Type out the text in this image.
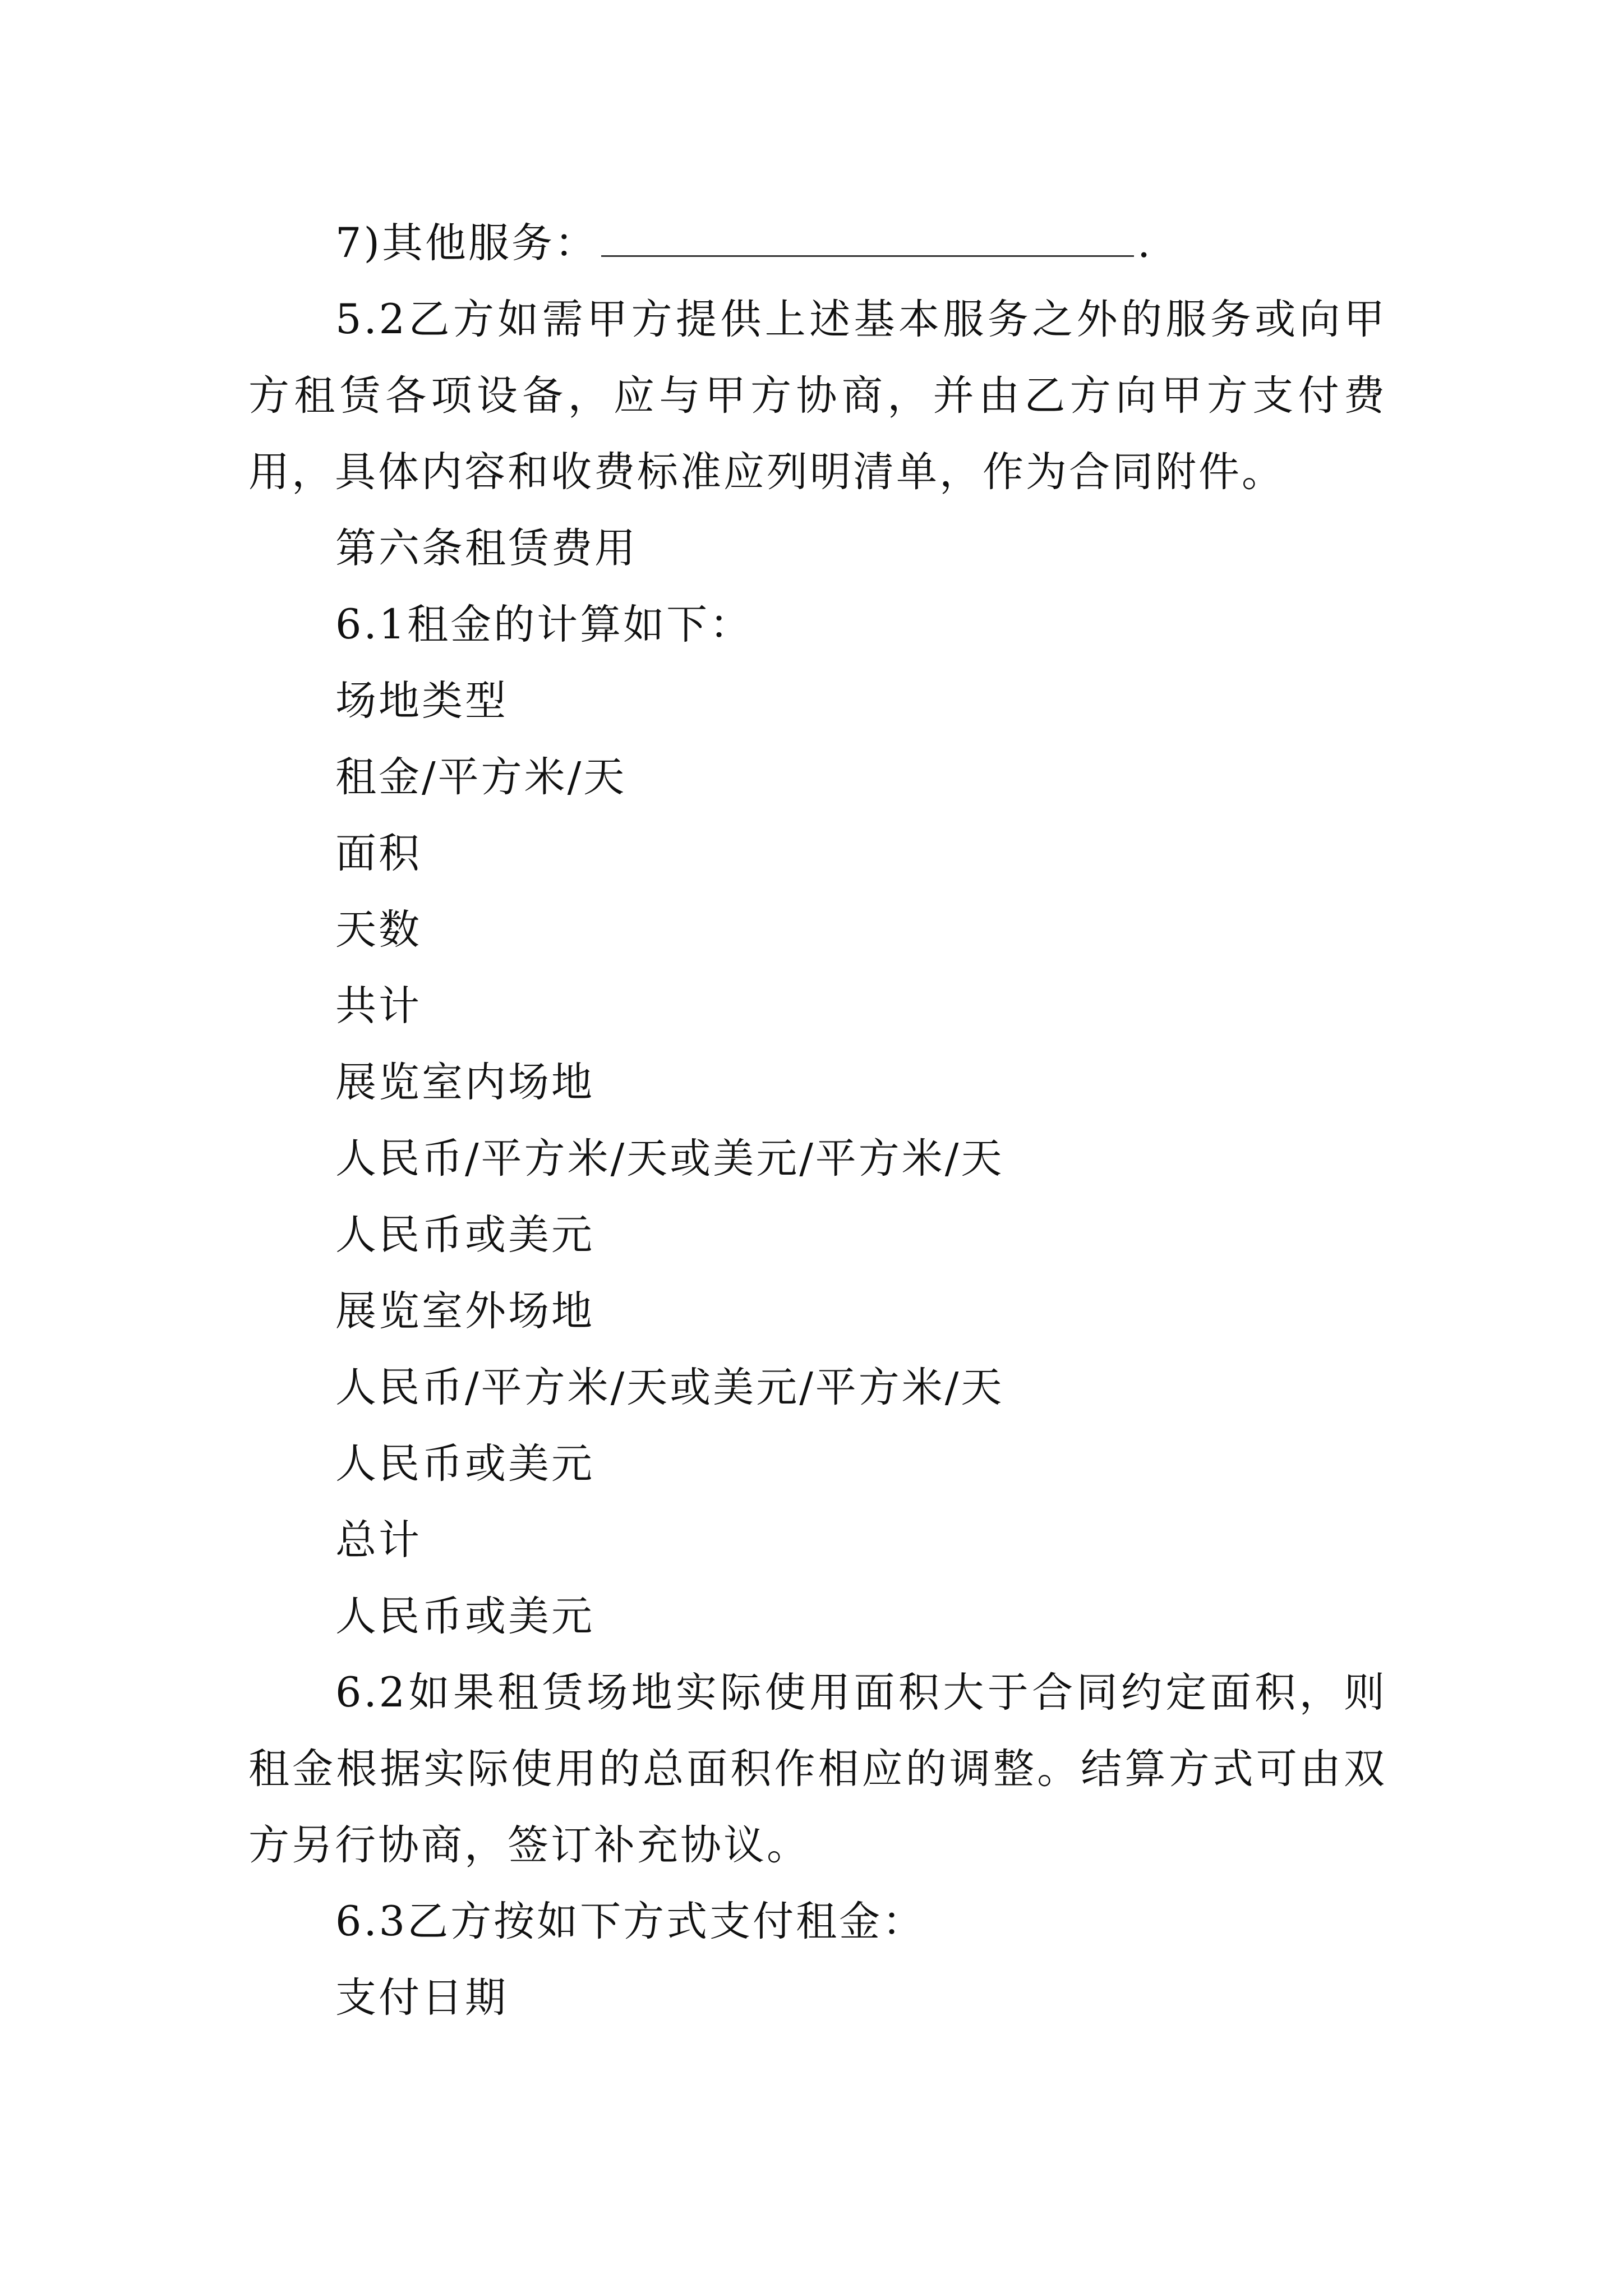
7)其他服务：	.
5.2乙方如需甲方提供上述基本服务之外的服务或向甲方租赁各项设备，应与甲方协商，并由乙方向甲方支付费用，具体内容和收费标准应列明清单，作为合同附件。
第六条租赁费用
6.1租金的计算如下：
场地类型
租金/平方米/天
面积
天数
共计
展览室内场地
人民币/平方米/天或美元/平方米/天
人民币或美元
展览室外场地
人民币/平方米/天或美元/平方米/天
人民币或美元
总计
人民币或美元
6.2如果租赁场地实际使用面积大于合同约定面积，则租金根据实际使用的总面积作相应的调整。结算方式可由双方另行协商，签订补充协议。
6.3乙方按如下方式支付租金：
支付日期
